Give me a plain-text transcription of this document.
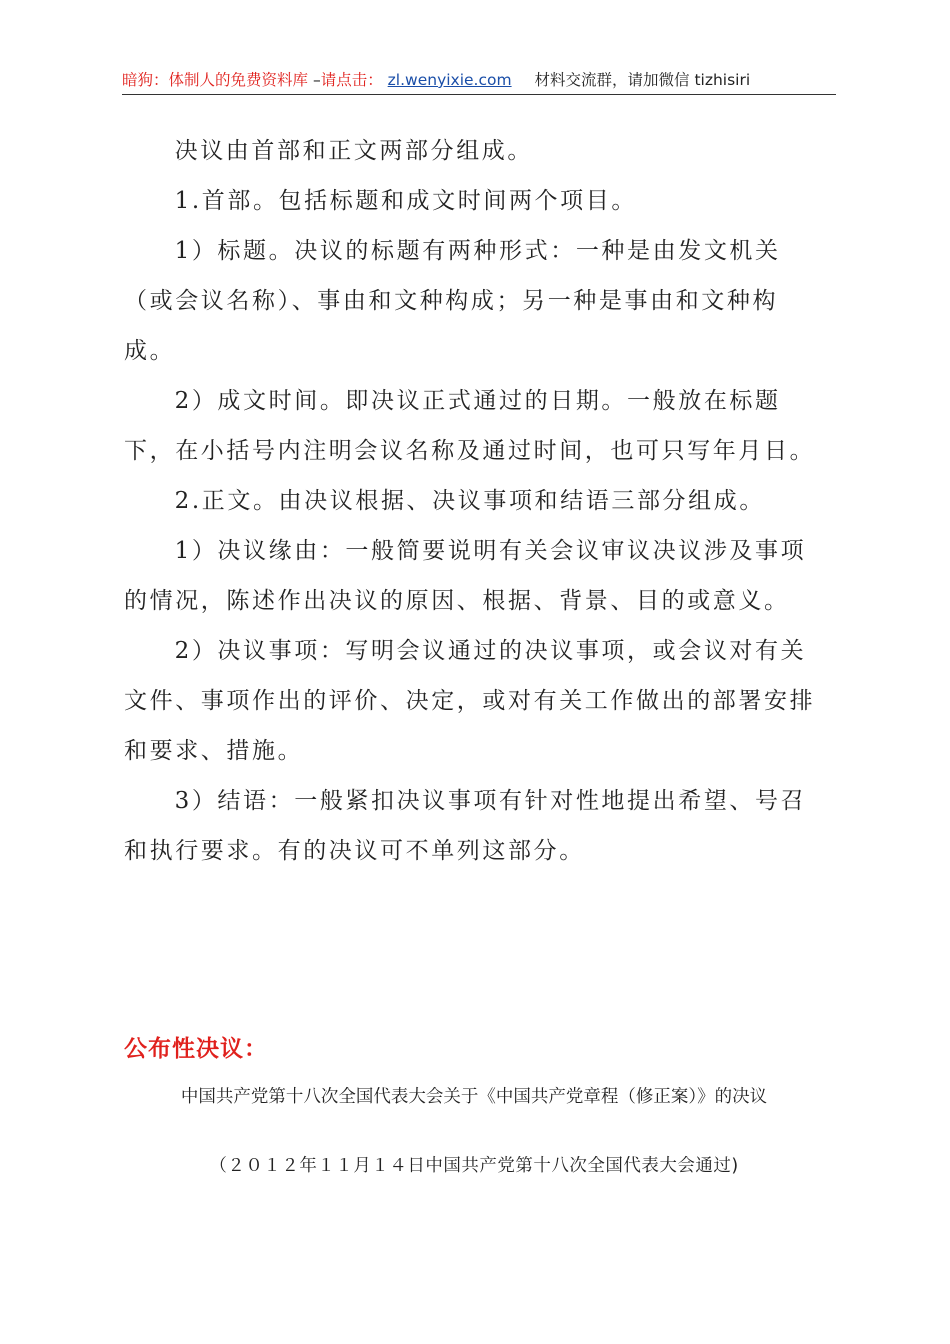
暗狗：体制人的免费资料库 –请点击： zl.wenyixie.com 材料交流群，请加微信 tizhisiri

决议由首部和正文两部分组成。

1.首部。包括标题和成文时间两个项目。

1）标题。决议的标题有两种形式：一种是由发文机关（或会议名称）、事由和文种构成；另一种是事由和文种构成。

2）成文时间。即决议正式通过的日期。一般放在标题下，在小括号内注明会议名称及通过时间，也可只写年月日。

2.正文。由决议根据、决议事项和结语三部分组成。

1）决议缘由：一般简要说明有关会议审议决议涉及事项的情况，陈述作出决议的原因、根据、背景、目的或意义。

2）决议事项：写明会议通过的决议事项，或会议对有关文件、事项作出的评价、决定，或对有关工作做出的部署安排和要求、措施。

3）结语：一般紧扣决议事项有针对性地提出希望、号召和执行要求。有的决议可不单列这部分。

公布性决议：
中国共产党第十八次全国代表大会关于《中国共产党章程（修正案）》的决议
（２０１２年１１月１４日中国共产党第十八次全国代表大会通过)
